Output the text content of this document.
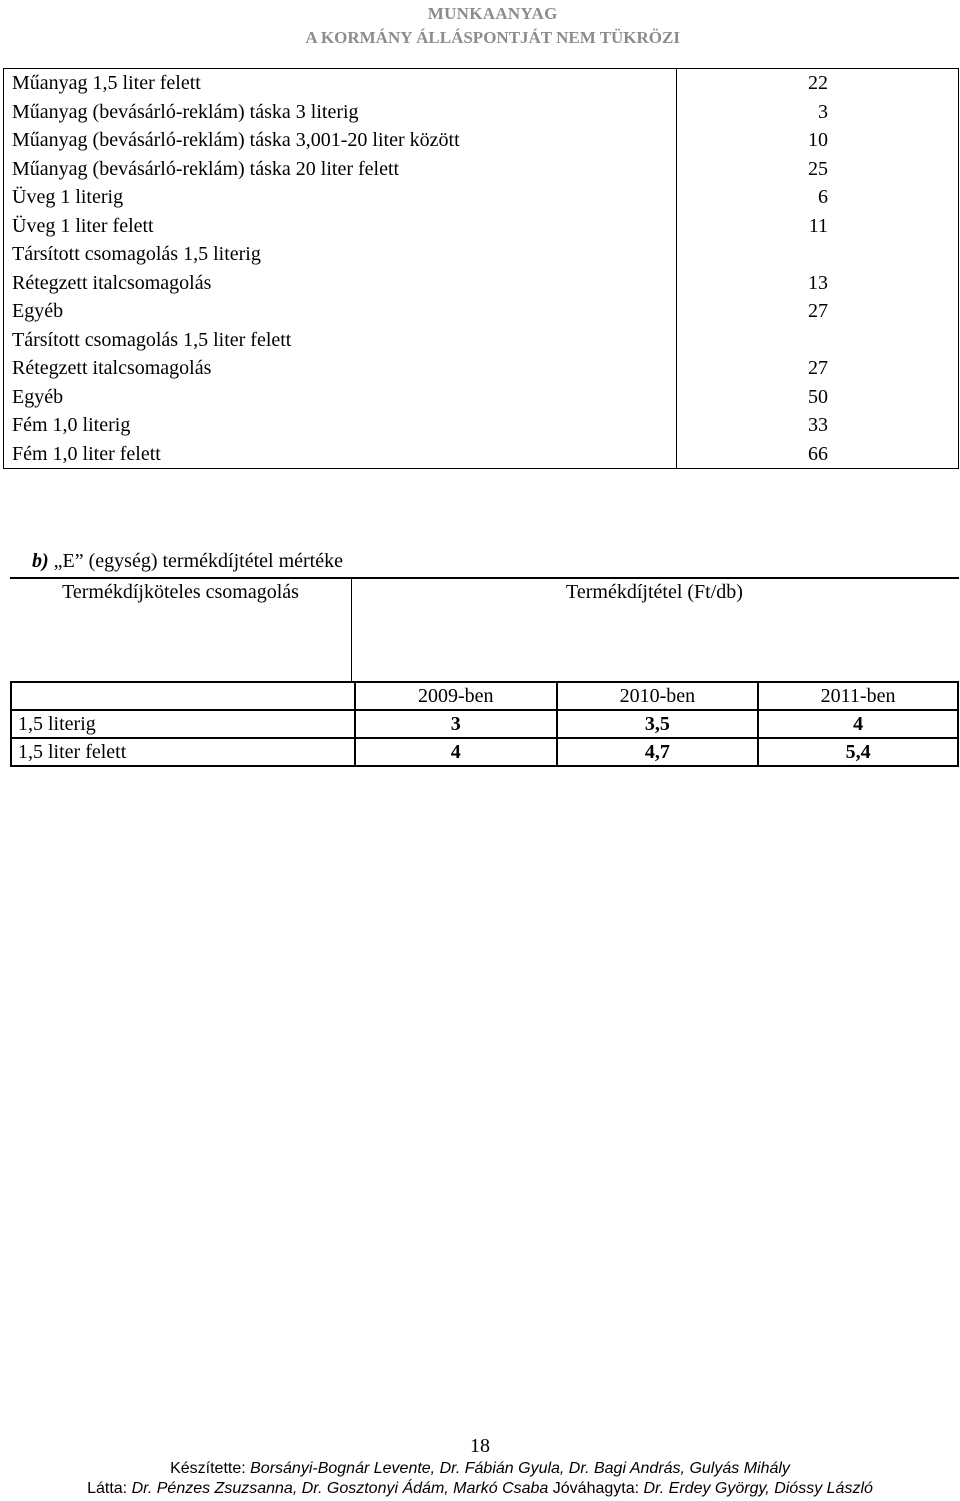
MUNKAANYAG
A KORMÁNY ÁLLÁSPONTJÁT NEM TÜKRÖZI
Műanyag 1,5 liter felett	22
Műanyag (bevásárló-reklám) táska 3 literig	3
Műanyag (bevásárló-reklám) táska 3,001-20 liter között	10
Műanyag (bevásárló-reklám) táska 20 liter felett	25
Üveg 1 literig	6
Üveg 1 liter felett	11
Társított csomagolás 1,5 literig	
Rétegzett italcsomagolás	13
Egyéb	27
Társított csomagolás 1,5 liter felett	
Rétegzett italcsomagolás	27
Egyéb	50
Fém 1,0 literig	33
Fém 1,0 liter felett	66
b) „E” (egység) termékdíjtétel mértéke
Termékdíjköteles csomagolás	Termékdíjtétel (Ft/db)
	2009-ben	2010-ben	2011-ben
1,5 literig	3	3,5	4
1,5 liter felett	4	4,7	5,4
18
Készítette: Borsányi-Bognár Levente, Dr. Fábián Gyula, Dr. Bagi András, Gulyás Mihály
Látta: Dr. Pénzes Zsuzsanna, Dr. Gosztonyi Ádám, Markó Csaba Jóváhagyta: Dr. Erdey György, Dióssy László
